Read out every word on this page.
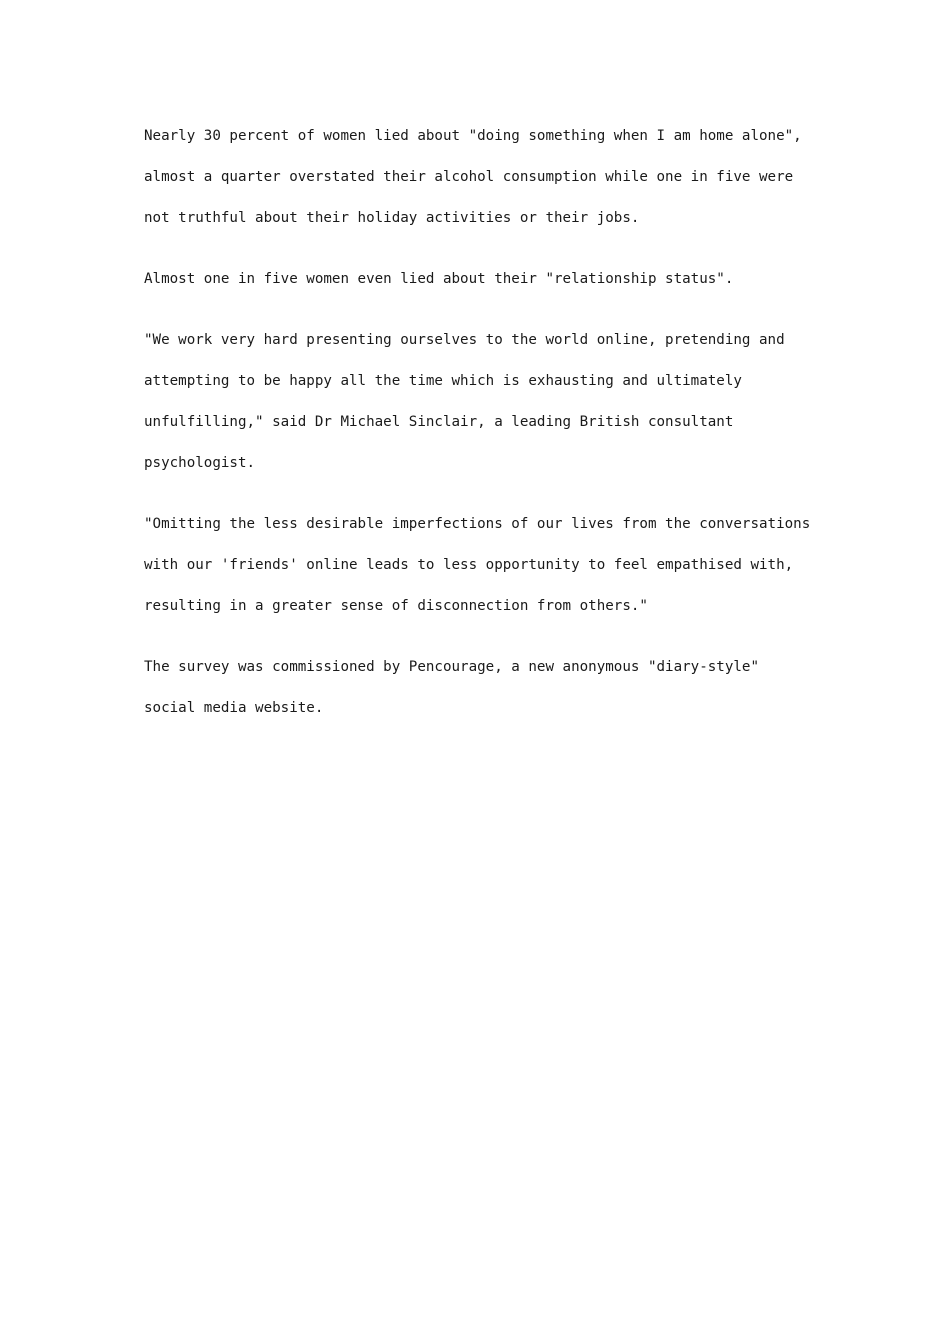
Nearly 30 percent of women lied about "doing something when I am home alone",
almost a quarter overstated their alcohol consumption while one in five were
not truthful about their holiday activities or their jobs.

Almost one in five women even lied about their "relationship status".

"We work very hard presenting ourselves to the world online, pretending and
attempting to be happy all the time which is exhausting and ultimately
unfulfilling," said Dr Michael Sinclair, a leading British consultant
psychologist.

"Omitting the less desirable imperfections of our lives from the conversations
with our 'friends' online leads to less opportunity to feel empathised with,
resulting in a greater sense of disconnection from others."

The survey was commissioned by Pencourage, a new anonymous "diary-style"
social media website.
